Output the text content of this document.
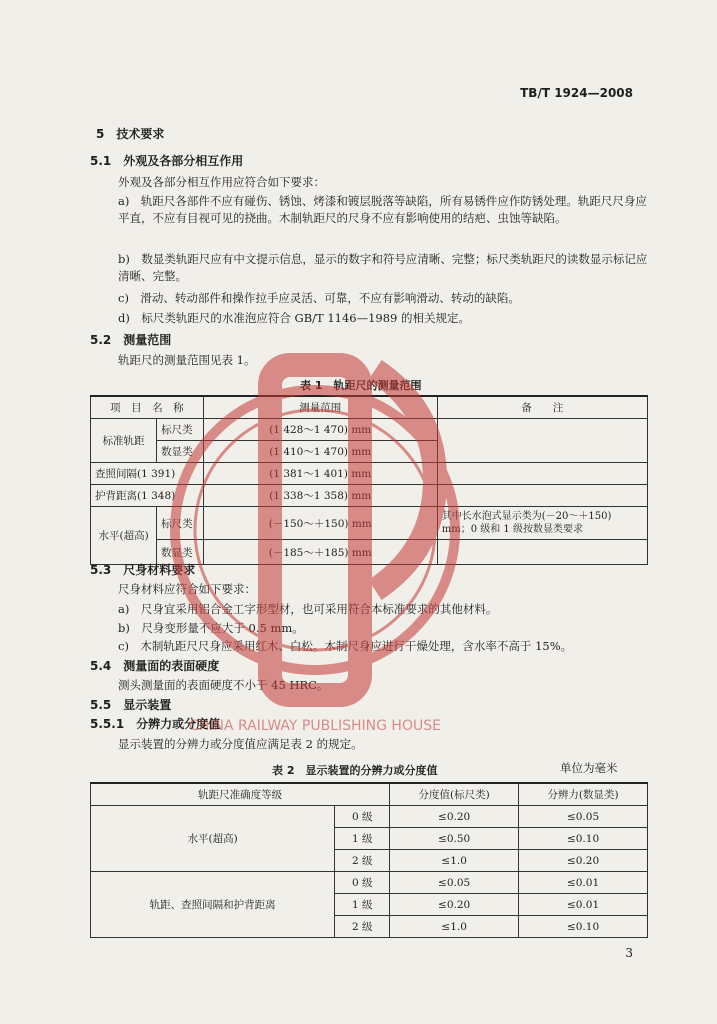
TB/T 1924—2008
5　技术要求
5.1　外观及各部分相互作用
外观及各部分相互作用应符合如下要求：
a)　轨距尺各部件不应有碰伤、锈蚀、烤漆和镀层脱落等缺陷，所有易锈件应作防锈处理。轨距尺尺身应平直，不应有目视可见的挠曲。木制轨距尺的尺身不应有影响使用的结疤、虫蚀等缺陷。
b)　数显类轨距尺应有中文提示信息，显示的数字和符号应清晰、完整；标尺类轨距尺的读数显示标记应清晰、完整。
c)　滑动、转动部件和操作拉手应灵活、可靠，不应有影响滑动、转动的缺陷。
d)　标尺类轨距尺的水准泡应符合 GB/T 1146—1989 的相关规定。
5.2　测量范围
轨距尺的测量范围见表 1。
表 1　轨距尺的测量范围
项　目　名　称		测量范围	备　　注
标准轨距	标尺类	(1 428～1 470) mm	
	数显类	(1 410～1 470) mm	
查照间隔(1 391)		(1 381～1 401) mm	
护背距离(1 348)		(1 338～1 358) mm	
水平(超高)	标尺类	(－150～＋150) mm	其中长水泡式显示类为(－20～＋150) mm；0 级和 1 级按数显类要求
	数显类	(－185～＋185) mm	
5.3　尺身材料要求
尺身材料应符合如下要求：
a)　尺身宜采用铝合金工字形型材，也可采用符合本标准要求的其他材料。
b)　尺身变形量不应大于 0.5 mm。
c)　木制轨距尺尺身应采用红木、白松。木制尺身应进行干燥处理，含水率不高于 15%。
5.4　测量面的表面硬度
测头测量面的表面硬度不小于 45 HRC。
5.5　显示装置
5.5.1　分辨力或分度值
显示装置的分辨力或分度值应满足表 2 的规定。
表 2　显示装置的分辨力或分度值	单位为毫米
轨距尺准确度等级		分度值(标尺类)	分辨力(数显类)
水平(超高)	0 级	≤0.20	≤0.05
	1 级	≤0.50	≤0.10
	2 级	≤1.0	≤0.20
轨距、查照间隔和护背距离	0 级	≤0.05	≤0.01
	1 级	≤0.20	≤0.01
	2 级	≤1.0	≤0.10
CHINA RAILWAY PUBLISHING HOUSE
3
